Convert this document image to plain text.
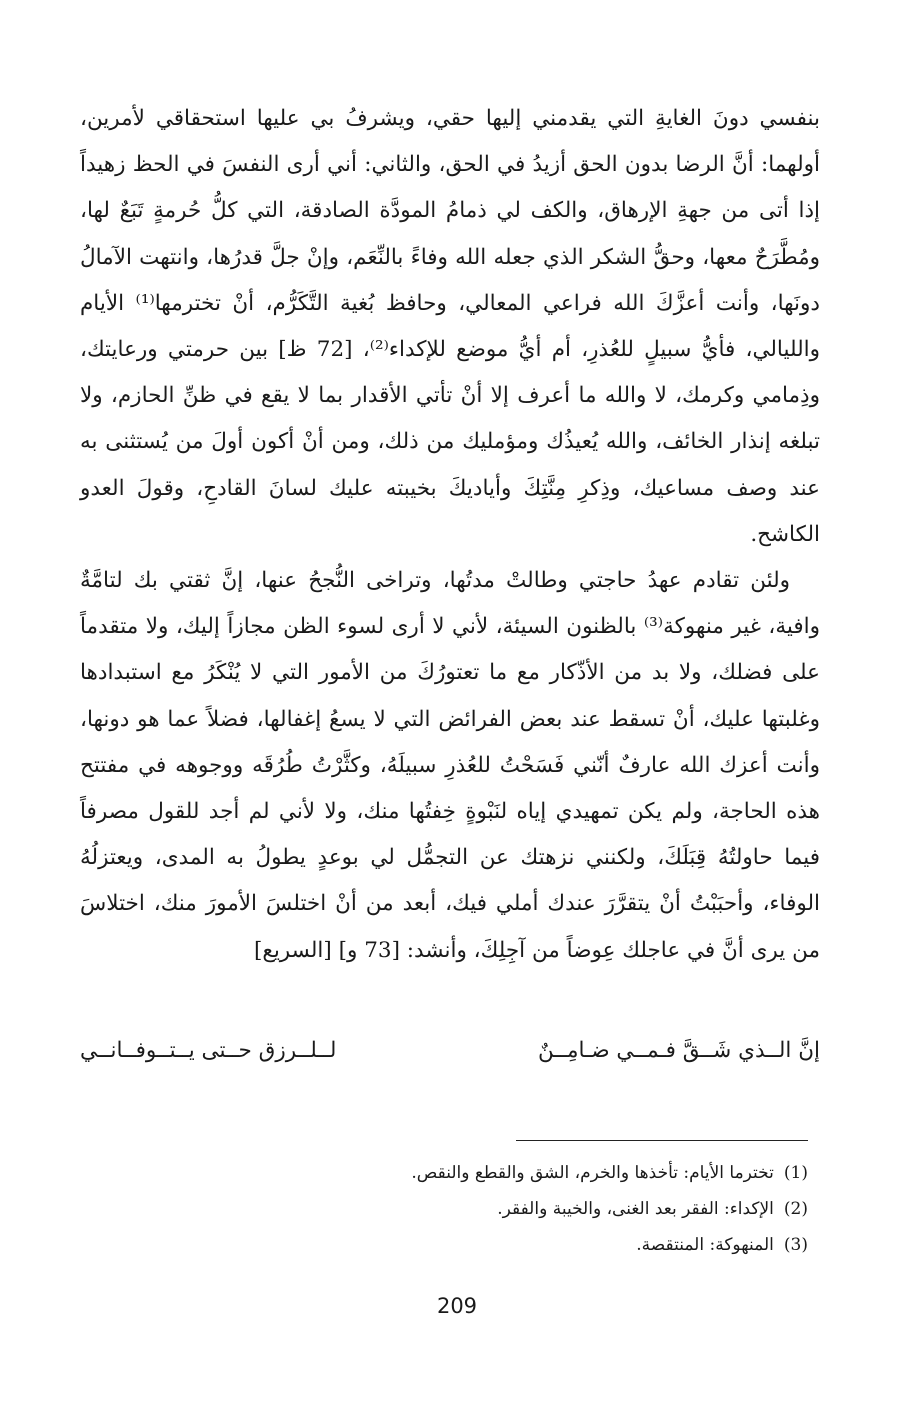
بنفسي دونَ الغايةِ التي يقدمني إليها حقي، ويشرفُ بي عليها استحقاقي لأمرين، أولهما: أنَّ الرضا بدون الحق أزيدُ في الحق، والثاني: أني أرى النفسَ في الحظ زهيداً إذا أتى من جهةِ الإرهاق، والكف لي ذمامُ المودَّة الصادقة، التي كلُّ حُرمةٍ تَبَعٌ لها، ومُطَّرَحٌ معها، وحقُّ الشكر الذي جعله الله وفاءً بالنِّعَم، وإنْ جلَّ قدرُها، وانتهت الآمالُ دونَها، وأنت أعزَّكَ الله فراعي المعالي، وحافظ بُغية التَّكَرُّم، أنْ تخترمها⁽¹⁾ الأيام والليالي، فأيُّ سبيلٍ للعُذرِ، أم أيُّ موضع للإكداء⁽²⁾، [72 ظ] بين حرمتي ورعايتك، وذِمامي وكرمك، لا والله ما أعرف إلا أنْ تأتي الأقدار بما لا يقع في ظنِّ الحازم، ولا تبلغه إنذار الخائف، والله يُعيذُك ومؤمليك من ذلك، ومن أنْ أكون أولَ من يُستثنى به عند وصف مساعيك، وذِكرِ مِنَّتِكَ وأياديكَ بخيبته عليك لسانَ القادحِ، وقولَ العدو الكاشح.

ولئن تقادم عهدُ حاجتي وطالتْ مدتُها، وتراخى النُّجحُ عنها، إنَّ ثقتي بك لتامَّةٌ وافية، غير منهوكة⁽³⁾ بالظنون السيئة، لأني لا أرى لسوء الظن مجازاً إليك، ولا متقدماً على فضلك، ولا بد من الأذّكار مع ما تعتورُكَ من الأمور التي لا يُنْكَرُ مع استبدادها وغلبتها عليك، أنْ تسقط عند بعض الفرائض التي لا يسعُ إغفالها، فضلاً عما هو دونها، وأنت أعزك الله عارفٌ أنّني فَسَحْتُ للعُذرِ سبيلَهُ، وكثَّرْتُ طُرُقَه ووجوهه في مفتتح هذه الحاجة، ولم يكن تمهيدي إياه لنَبْوةٍ خِفتُها منك، ولا لأني لم أجد للقول مصرفاً فيما حاولتُهُ قِبَلَكَ، ولكنني نزهتك عن التجمُّل لي بوعدٍ يطولُ به المدى، ويعتزلُهُ الوفاء، وأحبَبْتُ أنْ يتقرَّرَ عندك أملي فيك، أبعد من أنْ اختلسَ الأمورَ منك، اختلاسَ من يرى أنَّ في عاجلك عِوضاً من آجِلِكَ، وأنشد: [73 و] [السريع]

إنَّ الــذي شَــقَّ فـمــي ضـامِــنٌ
لــلــرزق حــتى يــتــوفــانــي
(1)تخترما الأيام: تأخذها والخرم، الشق والقطع والنقص.
(2)الإكداء: الفقر بعد الغنى، والخيبة والفقر.
(3)المنهوكة: المنتقصة.
209
